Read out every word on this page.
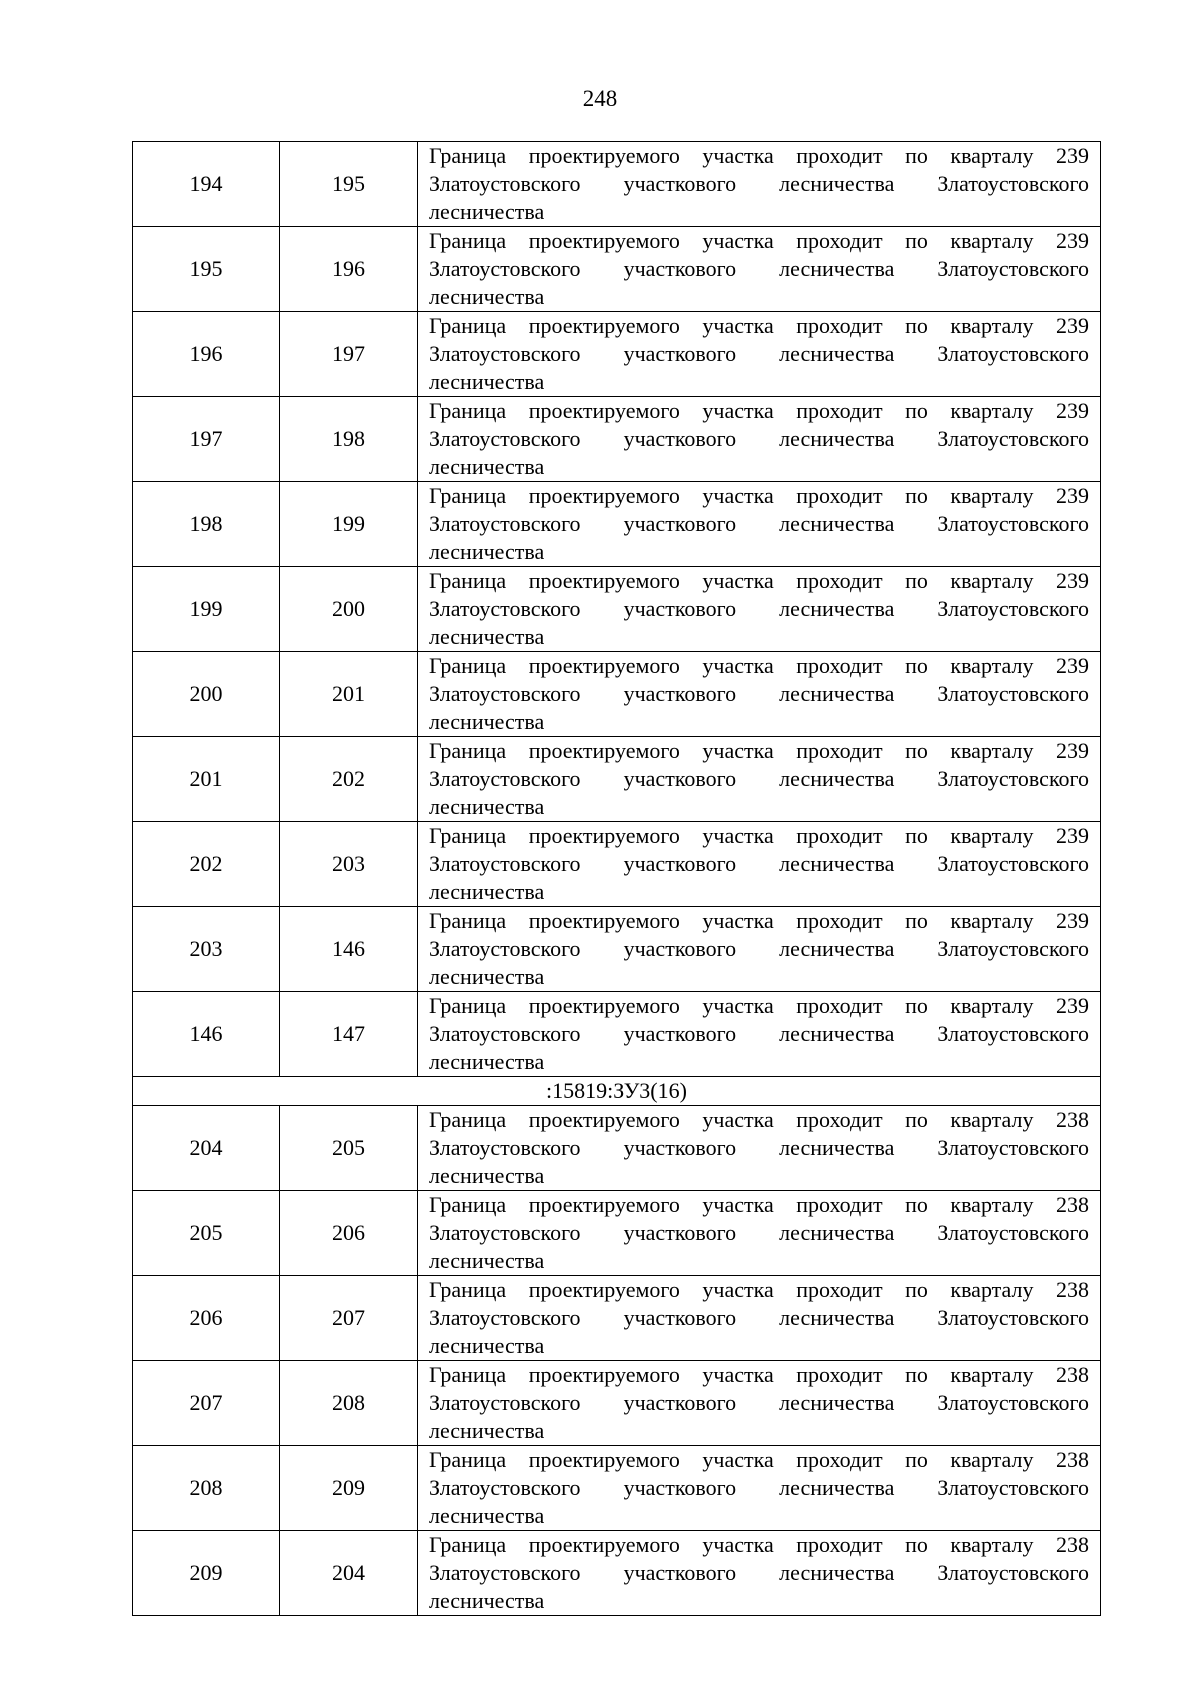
248
194	195	Граница проектируемого участка проходит по кварталу 239 Златоустовского участкового лесничества Златоустовского лесничества
195	196	Граница проектируемого участка проходит по кварталу 239 Златоустовского участкового лесничества Златоустовского лесничества
196	197	Граница проектируемого участка проходит по кварталу 239 Златоустовского участкового лесничества Златоустовского лесничества
197	198	Граница проектируемого участка проходит по кварталу 239 Златоустовского участкового лесничества Златоустовского лесничества
198	199	Граница проектируемого участка проходит по кварталу 239 Златоустовского участкового лесничества Златоустовского лесничества
199	200	Граница проектируемого участка проходит по кварталу 239 Златоустовского участкового лесничества Златоустовского лесничества
200	201	Граница проектируемого участка проходит по кварталу 239 Златоустовского участкового лесничества Златоустовского лесничества
201	202	Граница проектируемого участка проходит по кварталу 239 Златоустовского участкового лесничества Златоустовского лесничества
202	203	Граница проектируемого участка проходит по кварталу 239 Златоустовского участкового лесничества Златоустовского лесничества
203	146	Граница проектируемого участка проходит по кварталу 239 Златоустовского участкового лесничества Златоустовского лесничества
146	147	Граница проектируемого участка проходит по кварталу 239 Златоустовского участкового лесничества Златоустовского лесничества
:15819:ЗУ3(16)		
204	205	Граница проектируемого участка проходит по кварталу 238 Златоустовского участкового лесничества Златоустовского лесничества
205	206	Граница проектируемого участка проходит по кварталу 238 Златоустовского участкового лесничества Златоустовского лесничества
206	207	Граница проектируемого участка проходит по кварталу 238 Златоустовского участкового лесничества Златоустовского лесничества
207	208	Граница проектируемого участка проходит по кварталу 238 Златоустовского участкового лесничества Златоустовского лесничества
208	209	Граница проектируемого участка проходит по кварталу 238 Златоустовского участкового лесничества Златоустовского лесничества
209	204	Граница проектируемого участка проходит по кварталу 238 Златоустовского участкового лесничества Златоустовского лесничества
